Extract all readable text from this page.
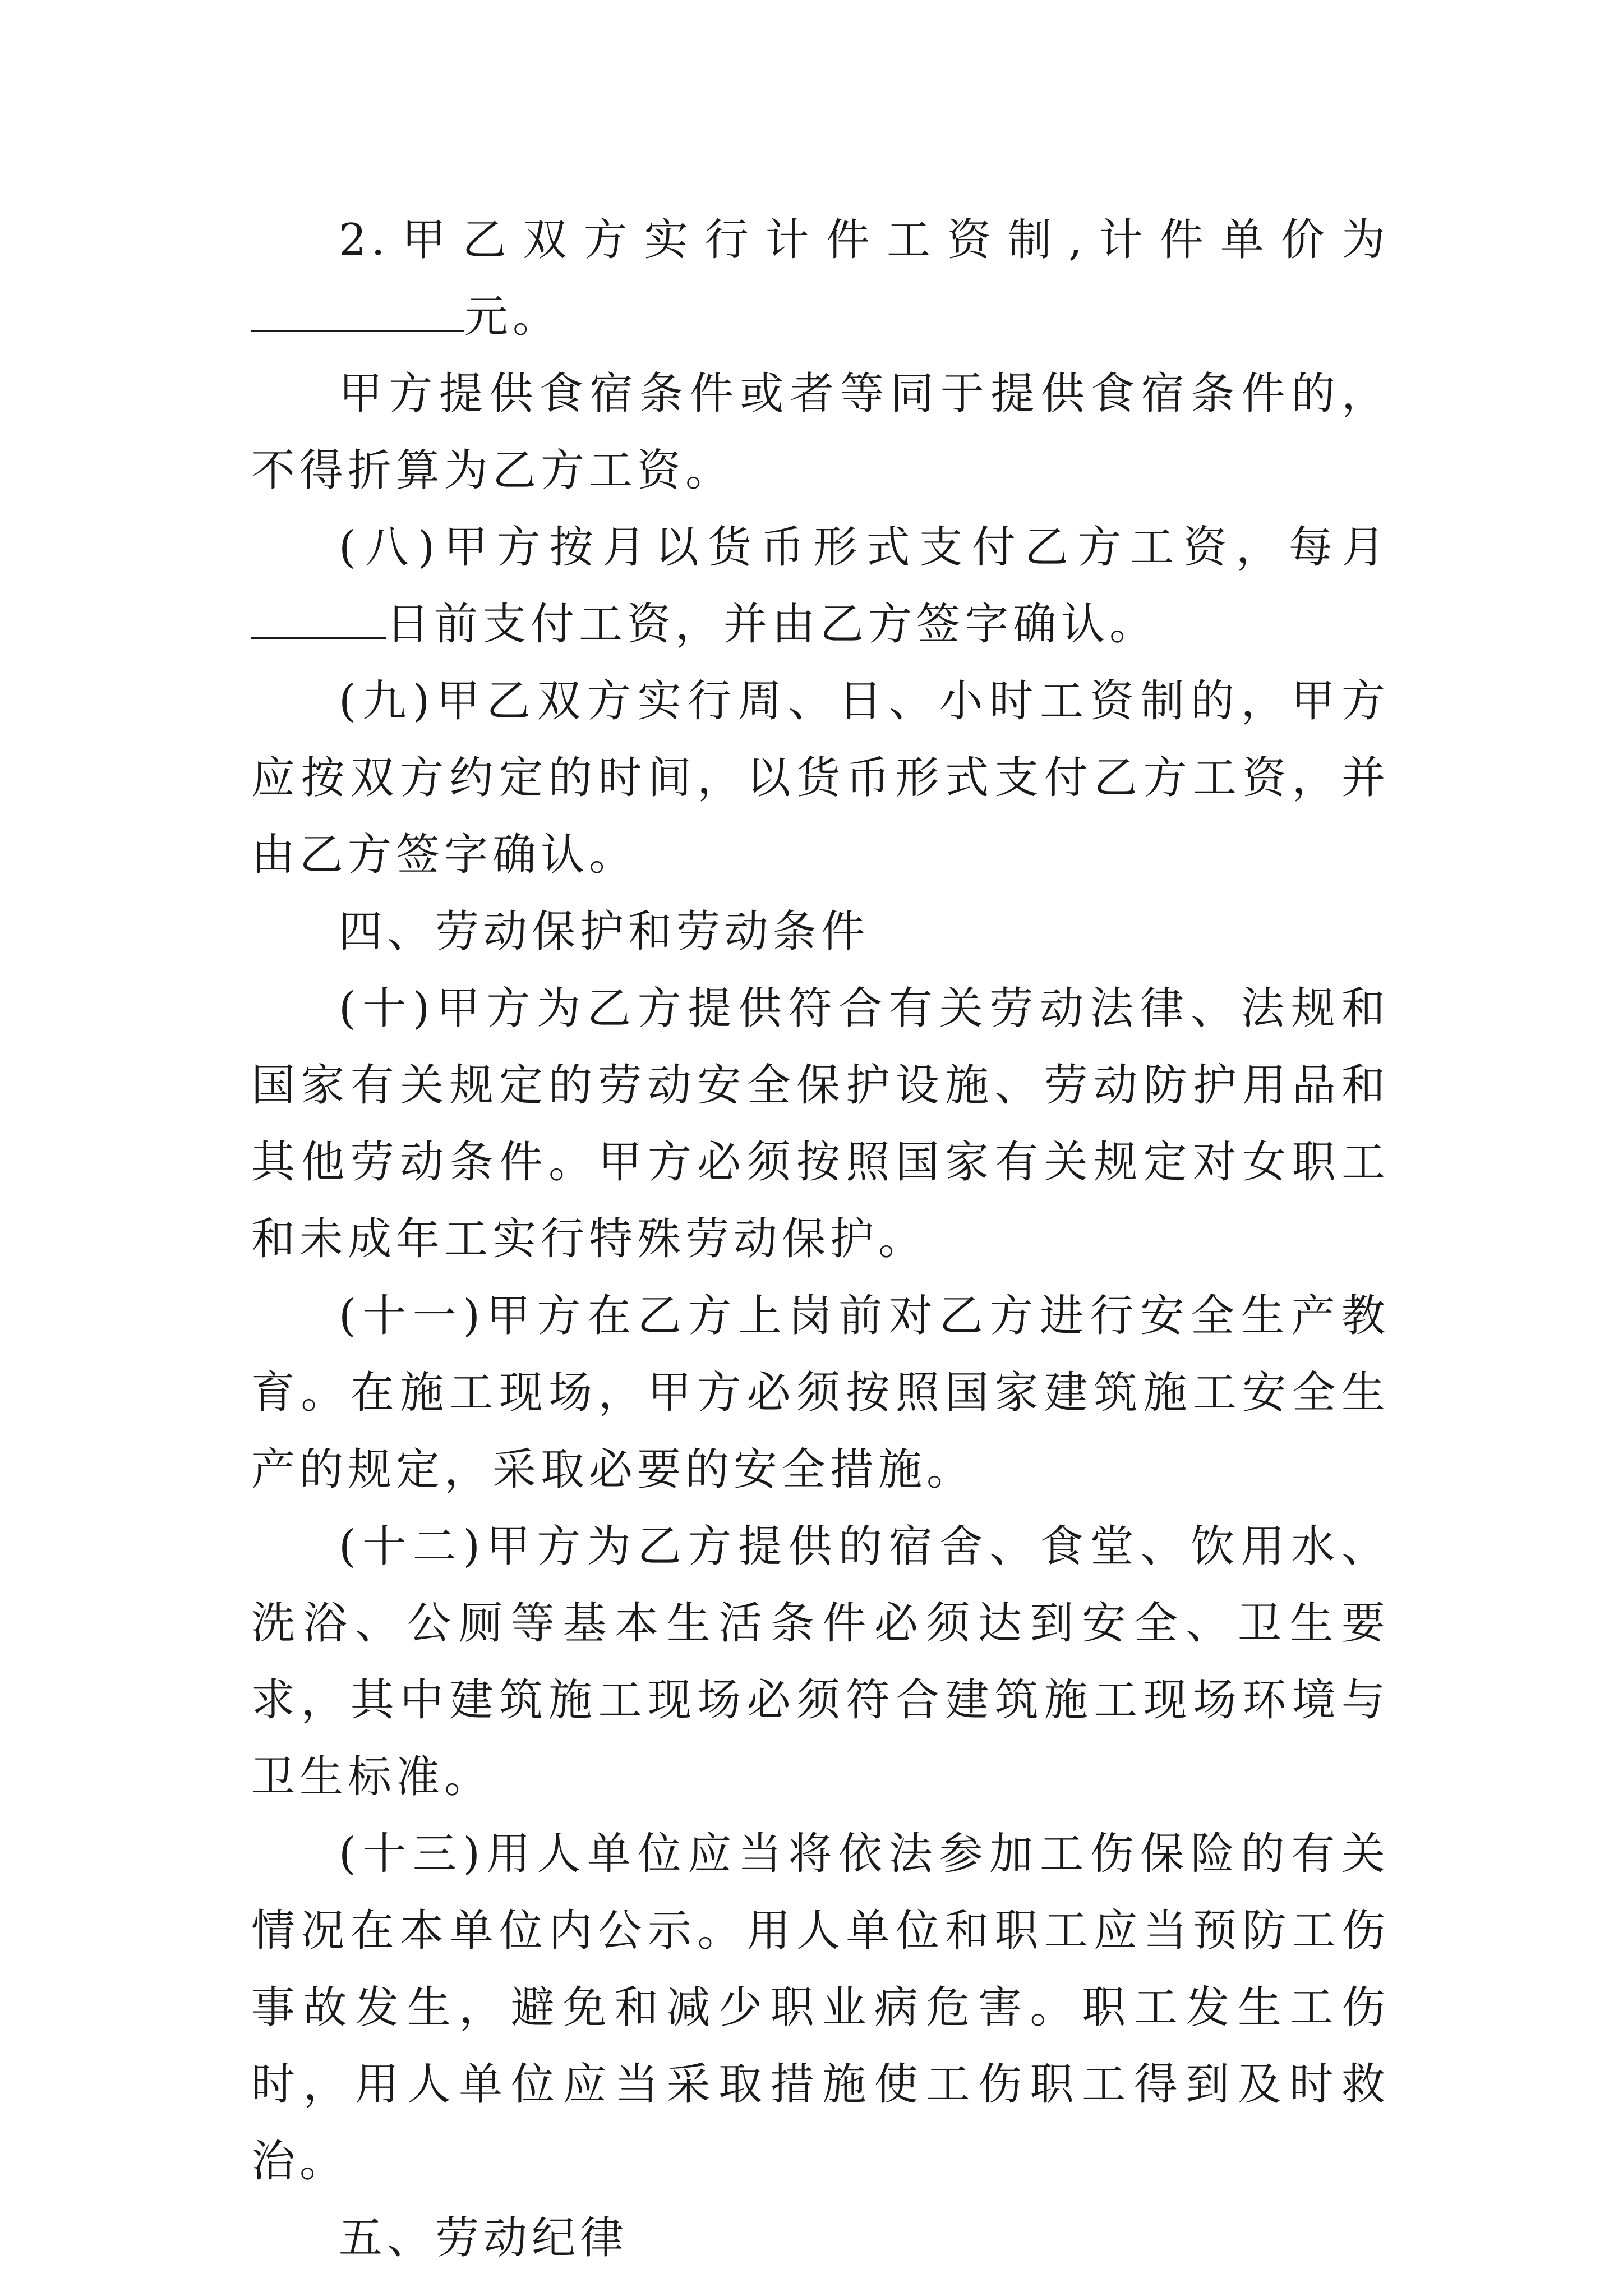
2.甲乙双方实行计件工资制,计件单价为元。

甲方提供食宿条件或者等同于提供食宿条件的，不得折算为乙方工资。

(八)甲方按月以货币形式支付乙方工资，每月日前支付工资，并由乙方签字确认。

(九)甲乙双方实行周、日、小时工资制的，甲方应按双方约定的时间，以货币形式支付乙方工资，并由乙方签字确认。

四、劳动保护和劳动条件

(十)甲方为乙方提供符合有关劳动法律、法规和国家有关规定的劳动安全保护设施、劳动防护用品和其他劳动条件。甲方必须按照国家有关规定对女职工和未成年工实行特殊劳动保护。

(十一)甲方在乙方上岗前对乙方进行安全生产教育。在施工现场，甲方必须按照国家建筑施工安全生产的规定，采取必要的安全措施。

(十二)甲方为乙方提供的宿舍、食堂、饮用水、洗浴、公厕等基本生活条件必须达到安全、卫生要求，其中建筑施工现场必须符合建筑施工现场环境与卫生标准。

(十三)用人单位应当将依法参加工伤保险的有关情况在本单位内公示。用人单位和职工应当预防工伤事故发生，避免和减少职业病危害。职工发生工伤时，用人单位应当采取措施使工伤职工得到及时救治。

五、劳动纪律
